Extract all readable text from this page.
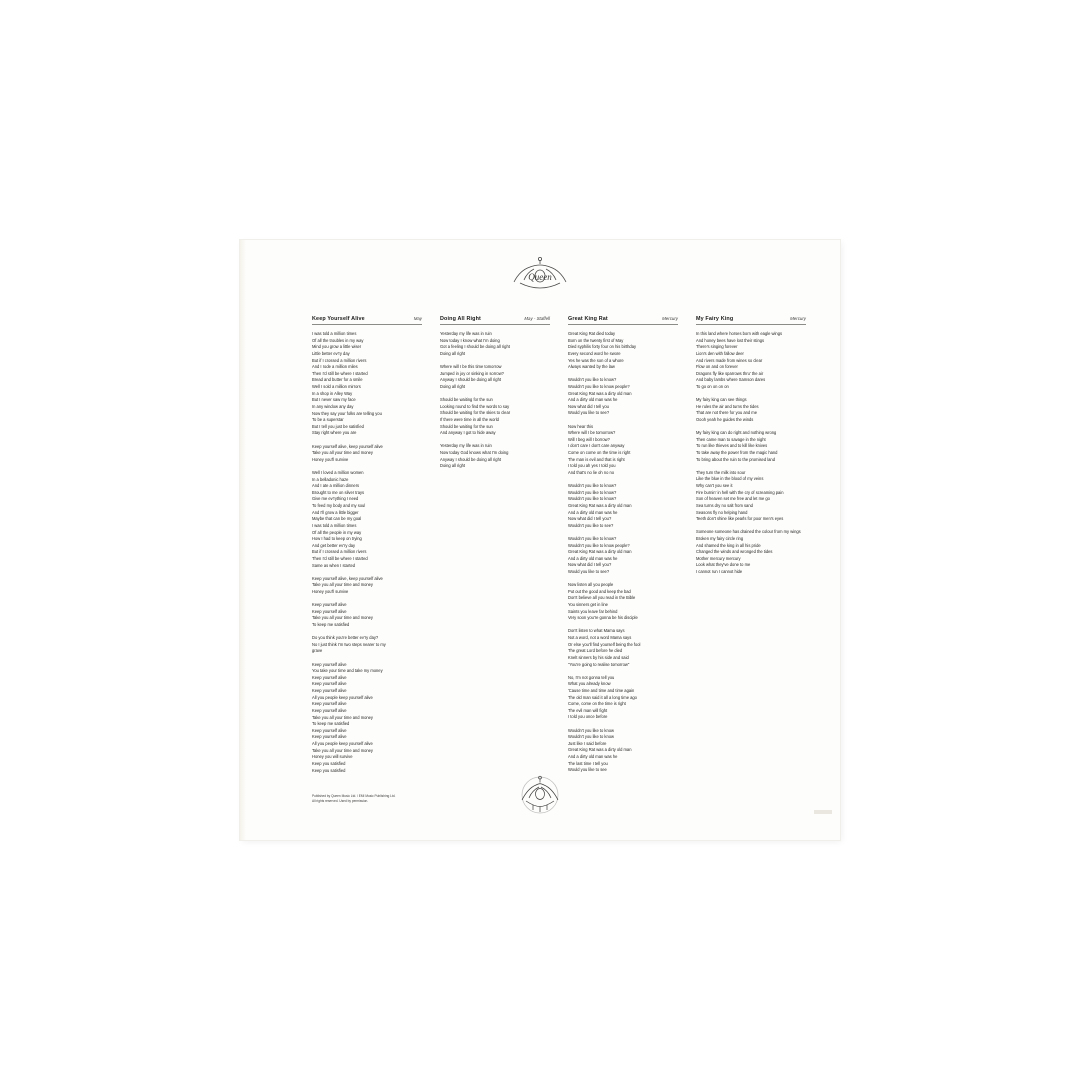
Queen
Keep Yourself Alive	May
I was told a million times
Of all the troubles in my way
Mind you grow a little wiser
Little better ev'ry day
But if I crossed a million rivers
And I rode a million miles
Then I'd still be where I started
Bread and butter for a smile
Well I sold a million mirrors
In a shop in Alley Way
But I never saw my face
In any window any day
Now they say your folks are telling you
To be a superstar
But I tell you just be satisfied
Stay right where you are
Keep yourself alive, keep yourself alive
Take you all your time and money
Honey you'll survive
Well I loved a million women
In a belladonic haze
And I ate a million dinners
Brought to me on silver trays
Give me ev'rything I need
To feed my body and my soul
And I'll grow a little bigger
Maybe that can be my goal
I was told a million times
Of all the people in my way
How I had to keep on trying
And get better ev'ry day
But if I crossed a million rivers
Then I'd still be where I started
Same as when I started
Keep yourself alive, keep yourself alive
Take you all your time and money
Honey you'll survive
Keep yourself alive
Keep yourself alive
Take you all your time and money
To keep me satisfied
Do you think you're better ev'ry day?
No I just think I'm two steps nearer to my
grave
Keep yourself alive
You take your time and take my money
Keep yourself alive
Keep yourself alive
Keep yourself alive
All you people keep yourself alive
Keep yourself alive
Keep yourself alive
Take you all your time and money
To keep me satisfied
Keep yourself alive
Keep yourself alive
All you people keep yourself alive
Take you all your time and money
Honey you will survive
Keep you satisfied
Keep you satisfied
Doing All Right	May - Staffell
Yesterday my life was in ruin
Now today I know what I'm doing
Got a feeling I should be doing all right
Doing all right
Where will I be this time tomorrow
Jumped in joy or sinking in sorrow?
Anyway I should be doing all right
Doing all right
Should be waiting for the sun
Looking round to find the words to say
Should be waiting for the skies to clear
If there were time in all the world
Should be waiting for the sun
And anyway I got to hide away
Yesterday my life was in ruin
Now today God knows what I'm doing
Anyway I should be doing all right
Doing all right
Great King Rat	Mercury
Great King Rat died today
Born on the twenty first of May
Died syphilis forty four on his birthday
Every second word he swore
Yes he was the son of a whore
Always wanted by the law
Wouldn't you like to know?
Wouldn't you like to know people?
Great King Rat was a dirty old man
And a dirty old man was he
Now what did I tell you
Would you like to see?
Now hear this
Where will I be tomorrow?
Will I beg will I borrow?
I don't care I don't care anyway
Come on come on the time is right
The man is evil and that is right
I told you ah yes I told you
And that's no lie oh no no
Wouldn't you like to know?
Wouldn't you like to know?
Wouldn't you like to know?
Great King Rat was a dirty old man
And a dirty old man was he
Now what did I tell you?
Wouldn't you like to see?
Wouldn't you like to know?
Wouldn't you like to know people?
Great King Rat was a dirty old man
And a dirty old man was he
Now what did I tell you?
Would you like to see?
Now listen all you people
Put out the good and keep the bad
Don't believe all you read in the Bible
You sinners get in line
Saints you leave far behind
Very soon you're gonna be his disciple
Don't listen to what Mama says
Not a word, not a word Mama says
Or else you'll find yourself being the fool
The great Lord before he died
Knelt sinners by his side and said
"You're going to realise tomorrow"
No, I'm not gonna tell you
What you already know
'Cause time and time and time again
The old man said it all a long time ago
Come, come on the time is right
The evil man will fight
I told you once before
Wouldn't you like to know
Wouldn't you like to know
Just like I said before
Great King Rat was a dirty old man
And a dirty old man was he
The last time I tell you
Would you like to see
My Fairy King	Mercury
In this land where horses born with eagle wings
And honey bees have lost their stings
There's singing forever
Lion's den with fallow deer
And rivers made from wines so clear
Flow on and on forever
Dragons fly like sparrows thru' the air
And baby lambs where Samson dares
To go on on on on
My fairy king can see things
He rules the air and turns the tides
That are not there for you and me
Oooh yeah he guides the winds
My fairy king can do right and nothing wrong
Then came man to savage in the night
To run like thieves and to kill like knives
To take away the power from the magic hand
To bring about the ruin to the promised land
They turn the milk into sour
Like the blue in the blood of my veins
Why can't you see it
Fire burnin' in hell with the cry of screaming pain
Son of heaven set me free and let me go
Sea turns dry no salt from sand
Seasons fly no helping hand
Teeth don't shine like pearls for poor men's eyes
Someone someone has drained the colour from my wings
Broken my fairy circle ring
And shamed the king in all his pride
Changed the winds and wronged the tides
Mother mercury mercury
Look what they've done to me
I cannot run I cannot hide
Published by Queen Music Ltd. / EMI Music Publishing Ltd.
All rights reserved. Used by permission.
